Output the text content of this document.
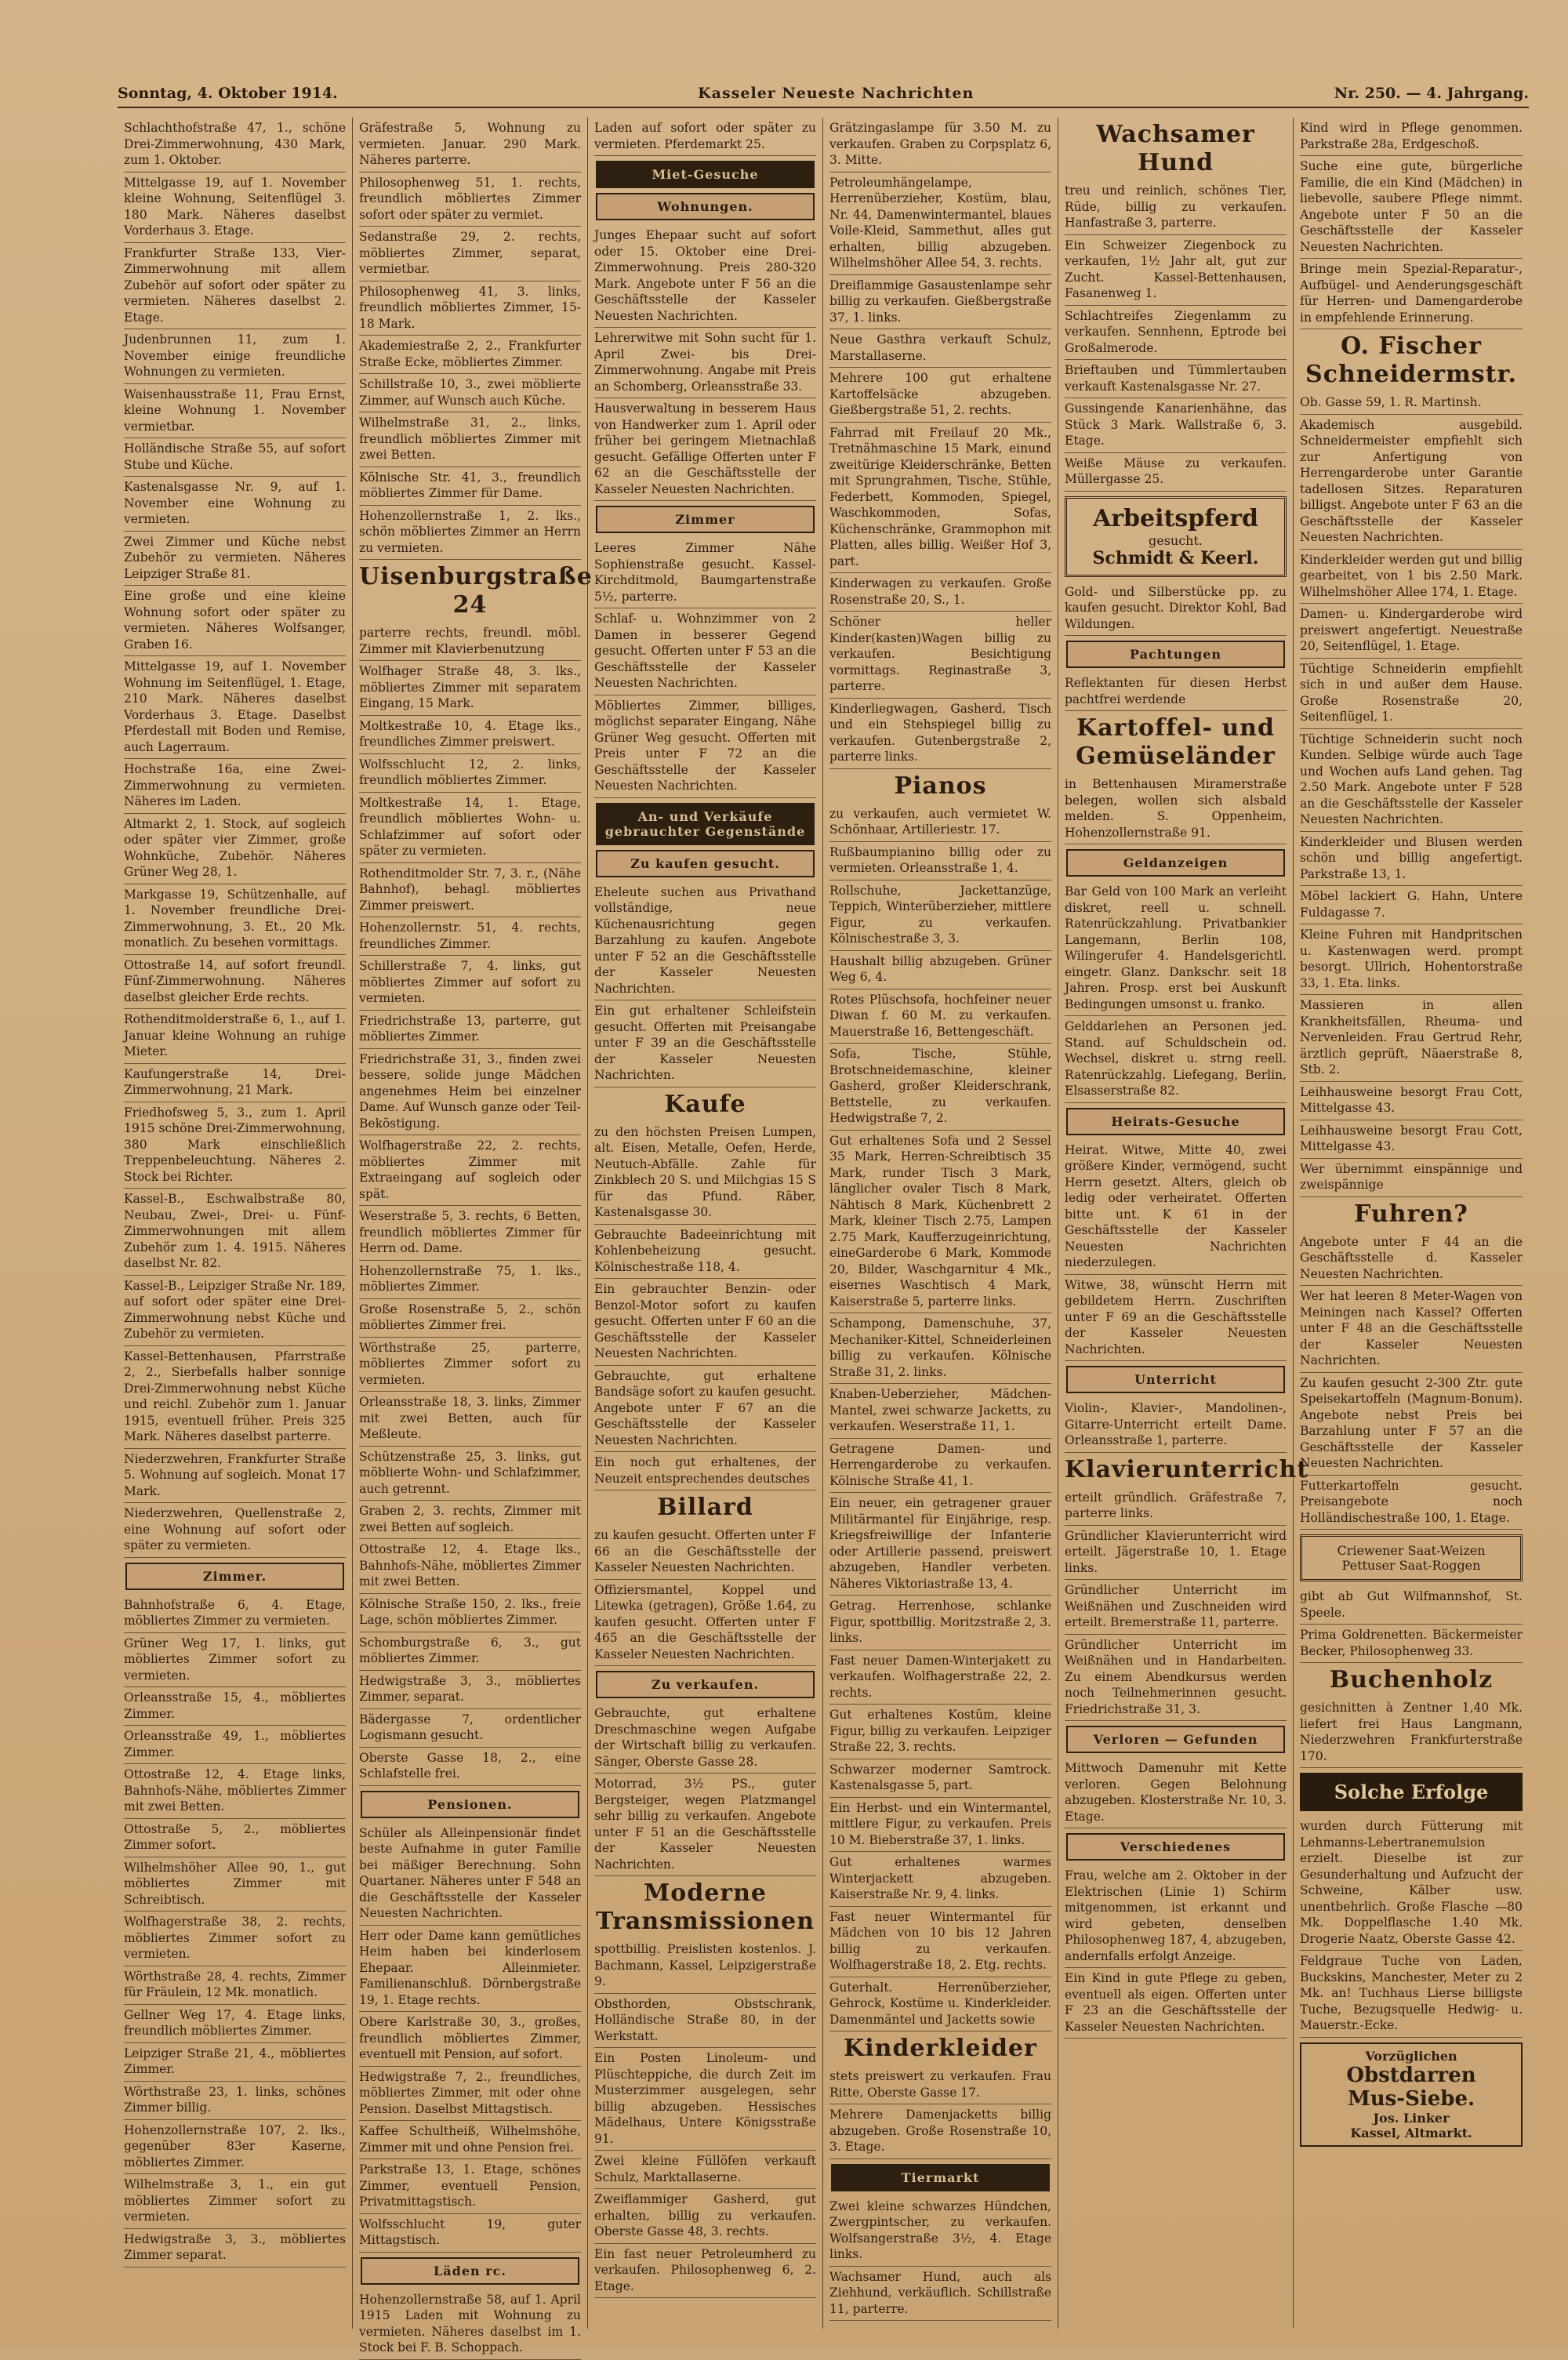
Sonntag, 4. Oktober 1914.	Kasseler Neueste Nachrichten	Nr. 250. — 4. Jahrgang.
Schlachthofstraße 47, 1., schöne Drei-Zimmerwohnung, 430 Mark, zum 1. Oktober.
Mittelgasse 19, auf 1. November kleine Wohnung, Seitenflügel 3. 180 Mark. Näheres daselbst Vorderhaus 3. Etage.
Frankfurter Straße 133, Vier-Zimmerwohnung mit allem Zubehör auf sofort oder später zu vermieten. Näheres daselbst 2. Etage.
Judenbrunnen 11, zum 1. November einige freundliche Wohnungen zu vermieten.
Waisenhausstraße 11, Frau Ernst, kleine Wohnung 1. November vermietbar.
Holländische Straße 55, auf sofort Stube und Küche.
Kastenalsgasse Nr. 9, auf 1. November eine Wohnung zu vermieten.
Zwei Zimmer und Küche nebst Zubehör zu vermieten. Näheres Leipziger Straße 81.
Eine große und eine kleine Wohnung sofort oder später zu vermieten. Näheres Wolfsanger, Graben 16.
Mittelgasse 19, auf 1. November Wohnung im Seitenflügel, 1. Etage, 210 Mark. Näheres daselbst Vorderhaus 3. Etage. Daselbst Pferdestall mit Boden und Remise, auch Lagerraum.
Hochstraße 16a, eine Zwei-Zimmerwohnung zu vermieten. Näheres im Laden.
Altmarkt 2, 1. Stock, auf sogleich oder später vier Zimmer, große Wohnküche, Zubehör. Näheres Grüner Weg 28, 1.
Markgasse 19, Schützenhalle, auf 1. November freundliche Drei-Zimmerwohnung, 3. Et., 20 Mk. monatlich. Zu besehen vormittags.
Ottostraße 14, auf sofort freundl. Fünf-Zimmerwohnung. Näheres daselbst gleicher Erde rechts.
Rothenditmolderstraße 6, 1., auf 1. Januar kleine Wohnung an ruhige Mieter.
Kaufungerstraße 14, Drei-Zimmerwohnung, 21 Mark.
Friedhofsweg 5, 3., zum 1. April 1915 schöne Drei-Zimmerwohnung, 380 Mark einschließlich Treppenbeleuchtung. Näheres 2. Stock bei Richter.
Kassel-B., Eschwalbstraße 80, Neubau, Zwei-, Drei- u. Fünf-Zimmerwohnungen mit allem Zubehör zum 1. 4. 1915. Näheres daselbst Nr. 82.
Kassel-B., Leipziger Straße Nr. 189, auf sofort oder später eine Drei-Zimmerwohnung nebst Küche und Zubehör zu vermieten.
Kassel-Bettenhausen, Pfarrstraße 2, 2., Sierbefalls halber sonnige Drei-Zimmerwohnung nebst Küche und reichl. Zubehör zum 1. Januar 1915, eventuell früher. Preis 325 Mark. Näheres daselbst parterre.
Niederzwehren, Frankfurter Straße 5. Wohnung auf sogleich. Monat 17 Mark.
Niederzwehren, Quellenstraße 2, eine Wohnung auf sofort oder später zu vermieten.
Zimmer.
Bahnhofstraße 6, 4. Etage, möbliertes Zimmer zu vermieten.
Grüner Weg 17, 1. links, gut möbliertes Zimmer sofort zu vermieten.
Orleansstraße 15, 4., möbliertes Zimmer.
Orleansstraße 49, 1., möbliertes Zimmer.
Ottostraße 12, 4. Etage links, Bahnhofs-Nähe, möbliertes Zimmer mit zwei Betten.
Ottostraße 5, 2., möbliertes Zimmer sofort.
Wilhelmshöher Allee 90, 1., gut möbliertes Zimmer mit Schreibtisch.
Wolfhagerstraße 38, 2. rechts, möbliertes Zimmer sofort zu vermieten.
Wörthstraße 28, 4. rechts, Zimmer für Fräulein, 12 Mk. monatlich.
Gellner Weg 17, 4. Etage links, freundlich möbliertes Zimmer.
Leipziger Straße 21, 4., möbliertes Zimmer.
Wörthstraße 23, 1. links, schönes Zimmer billig.
Hohenzollernstraße 107, 2. lks., gegenüber 83er Kaserne, möbliertes Zimmer.
Wilhelmstraße 3, 1., ein gut möbliertes Zimmer sofort zu vermieten.
Hedwigstraße 3, 3., möbliertes Zimmer separat.
Gräfestraße 5, Wohnung zu vermieten. Januar. 290 Mark. Näheres parterre.
Philosophenweg 51, 1. rechts, freundlich möbliertes Zimmer sofort oder später zu vermiet.
Sedanstraße 29, 2. rechts, möbliertes Zimmer, separat, vermietbar.
Philosophenweg 41, 3. links, freundlich möbliertes Zimmer, 15-18 Mark.
Akademiestraße 2, 2., Frankfurter Straße Ecke, möbliertes Zimmer.
Schillstraße 10, 3., zwei möblierte Zimmer, auf Wunsch auch Küche.
Wilhelmstraße 31, 2., links, freundlich möbliertes Zimmer mit zwei Betten.
Kölnische Str. 41, 3., freundlich möbliertes Zimmer für Dame.
Hohenzollernstraße 1, 2. lks., schön möbliertes Zimmer an Herrn zu vermieten.
Uisenburgstraße 24
parterre rechts, freundl. möbl. Zimmer mit Klavierbenutzung
Wolfhager Straße 48, 3. lks., möbliertes Zimmer mit separatem Eingang, 15 Mark.
Moltkestraße 10, 4. Etage lks., freundliches Zimmer preiswert.
Wolfsschlucht 12, 2. links, freundlich möbliertes Zimmer.
Moltkestraße 14, 1. Etage, freundlich möbliertes Wohn- u. Schlafzimmer auf sofort oder später zu vermieten.
Rothenditmolder Str. 7, 3. r., (Nähe Bahnhof), behagl. möbliertes Zimmer preiswert.
Hohenzollernstr. 51, 4. rechts, freundliches Zimmer.
Schillerstraße 7, 4. links, gut möbliertes Zimmer auf sofort zu vermieten.
Friedrichstraße 13, parterre, gut möbliertes Zimmer.
Friedrichstraße 31, 3., finden zwei bessere, solide junge Mädchen angenehmes Heim bei einzelner Dame. Auf Wunsch ganze oder Teil-Beköstigung.
Wolfhagerstraße 22, 2. rechts, möbliertes Zimmer mit Extraeingang auf sogleich oder spät.
Weserstraße 5, 3. rechts, 6 Betten, freundlich möbliertes Zimmer für Herrn od. Dame.
Hohenzollernstraße 75, 1. lks., möbliertes Zimmer.
Große Rosenstraße 5, 2., schön möbliertes Zimmer frei.
Wörthstraße 25, parterre, möbliertes Zimmer sofort zu vermieten.
Orleansstraße 18, 3. links, Zimmer mit zwei Betten, auch für Meßleute.
Schützenstraße 25, 3. links, gut möblierte Wohn- und Schlafzimmer, auch getrennt.
Graben 2, 3. rechts, Zimmer mit zwei Betten auf sogleich.
Ottostraße 12, 4. Etage lks., Bahnhofs-Nähe, möbliertes Zimmer mit zwei Betten.
Kölnische Straße 150, 2. lks., freie Lage, schön möbliertes Zimmer.
Schomburgstraße 6, 3., gut möbliertes Zimmer.
Hedwigstraße 3, 3., möbliertes Zimmer, separat.
Bädergasse 7, ordentlicher Logismann gesucht.
Oberste Gasse 18, 2., eine Schlafstelle frei.
Pensionen.
Schüler als Alleinpensionär findet beste Aufnahme in guter Familie bei mäßiger Berechnung. Sohn Quartaner. Näheres unter F 548 an die Geschäftsstelle der Kasseler Neuesten Nachrichten.
Herr oder Dame kann gemütliches Heim haben bei kinderlosem Ehepaar. Alleinmieter. Familienanschluß. Dörnbergstraße 19, 1. Etage rechts.
Obere Karlstraße 30, 3., großes, freundlich möbliertes Zimmer, eventuell mit Pension, auf sofort.
Hedwigstraße 7, 2., freundliches, möbliertes Zimmer, mit oder ohne Pension. Daselbst Mittagstisch.
Kaffee Schultheiß, Wilhelmshöhe, Zimmer mit und ohne Pension frei.
Parkstraße 13, 1. Etage, schönes Zimmer, eventuell Pension, Privatmittagstisch.
Wolfsschlucht 19, guter Mittagstisch.
Läden rc.
Hohenzollernstraße 58, auf 1. April 1915 Laden mit Wohnung zu vermieten. Näheres daselbst im 1. Stock bei F. B. Schoppach.
Laden auf sofort oder später zu vermieten. Pferdemarkt 25.
Miet-Gesuche
Wohnungen.
Junges Ehepaar sucht auf sofort oder 15. Oktober eine Drei-Zimmerwohnung. Preis 280-320 Mark. Angebote unter F 56 an die Geschäftsstelle der Kasseler Neuesten Nachrichten.
Lehrerwitwe mit Sohn sucht für 1. April Zwei- bis Drei-Zimmerwohnung. Angabe mit Preis an Schomberg, Orleansstraße 33.
Hausverwaltung in besserem Haus von Handwerker zum 1. April oder früher bei geringem Mietnachlaß gesucht. Gefällige Offerten unter F 62 an die Geschäftsstelle der Kasseler Neuesten Nachrichten.
Zimmer
Leeres Zimmer Nähe Sophienstraße gesucht. Kassel-Kirchditmold, Baumgartenstraße 5½, parterre.
Schlaf- u. Wohnzimmer von 2 Damen in besserer Gegend gesucht. Offerten unter F 53 an die Geschäftsstelle der Kasseler Neuesten Nachrichten.
Möbliertes Zimmer, billiges, möglichst separater Eingang, Nähe Grüner Weg gesucht. Offerten mit Preis unter F 72 an die Geschäftsstelle der Kasseler Neuesten Nachrichten.
An- und Verkäufe gebrauchter Gegenstände
Zu kaufen gesucht.
Eheleute suchen aus Privathand vollständige, neue Küchenausrichtung gegen Barzahlung zu kaufen. Angebote unter F 52 an die Geschäftsstelle der Kasseler Neuesten Nachrichten.
Ein gut erhaltener Schleifstein gesucht. Offerten mit Preisangabe unter F 39 an die Geschäftsstelle der Kasseler Neuesten Nachrichten.
Kaufe
zu den höchsten Preisen Lumpen, alt. Eisen, Metalle, Oefen, Herde, Neutuch-Abfälle. Zahle für Zinkblech 20 S. und Milchgias 15 S für das Pfund. Räber, Kastenalsgasse 30.
Gebrauchte Badeeinrichtung mit Kohlenbeheizung gesucht. Kölnischestraße 118, 4.
Ein gebrauchter Benzin- oder Benzol-Motor sofort zu kaufen gesucht. Offerten unter F 60 an die Geschäftsstelle der Kasseler Neuesten Nachrichten.
Gebrauchte, gut erhaltene Bandsäge sofort zu kaufen gesucht. Angebote unter F 67 an die Geschäftsstelle der Kasseler Neuesten Nachrichten.
Ein noch gut erhaltenes, der Neuzeit entsprechendes deutsches
Billard
zu kaufen gesucht. Offerten unter F 66 an die Geschäftsstelle der Kasseler Neuesten Nachrichten.
Offiziersmantel, Koppel und Litewka (getragen), Größe 1.64, zu kaufen gesucht. Offerten unter F 465 an die Geschäftsstelle der Kasseler Neuesten Nachrichten.
Zu verkaufen.
Gebrauchte, gut erhaltene Dreschmaschine wegen Aufgabe der Wirtschaft billig zu verkaufen. Sänger, Oberste Gasse 28.
Motorrad, 3½ PS., guter Bergsteiger, wegen Platzmangel sehr billig zu verkaufen. Angebote unter F 51 an die Geschäftsstelle der Kasseler Neuesten Nachrichten.
Moderne Transmissionen
spottbillig. Preislisten kostenlos. J. Bachmann, Kassel, Leipzigerstraße 9.
Obsthorden, Obstschrank, Holländische Straße 80, in der Werkstatt.
Ein Posten Linoleum- und Plüschteppiche, die durch Zeit im Musterzimmer ausgelegen, sehr billig abzugeben. Hessisches Mädelhaus, Untere Königsstraße 91.
Zwei kleine Füllöfen verkauft Schulz, Marktallaserne.
Zweiflammiger Gasherd, gut erhalten, billig zu verkaufen. Oberste Gasse 48, 3. rechts.
Ein fast neuer Petroleumherd zu verkaufen. Philosophenweg 6, 2. Etage.
Grätzingaslampe für 3.50 M. zu verkaufen. Graben zu Corpsplatz 6, 3. Mitte.
Petroleumhängelampe, Herrenüberzieher, Kostüm, blau, Nr. 44, Damenwintermantel, blaues Voile-Kleid, Sammethut, alles gut erhalten, billig abzugeben. Wilhelmshöher Allee 54, 3. rechts.
Dreiflammige Gasaustenlampe sehr billig zu verkaufen. Gießbergstraße 37, 1. links.
Neue Gasthra verkauft Schulz, Marstallaserne.
Mehrere 100 gut erhaltene Kartoffelsäcke abzugeben. Gießbergstraße 51, 2. rechts.
Fahrrad mit Freilauf 20 Mk., Tretnähmaschine 15 Mark, einund zweitürige Kleiderschränke, Betten mit Sprungrahmen, Tische, Stühle, Federbett, Kommoden, Spiegel, Waschkommoden, Sofas, Küchenschränke, Grammophon mit Platten, alles billig. Weißer Hof 3, part.
Kinderwagen zu verkaufen. Große Rosenstraße 20, S., 1.
Schöner heller Kinder(kasten)Wagen billig zu verkaufen. Besichtigung vormittags. Reginastraße 3, parterre.
Kinderliegwagen, Gasherd, Tisch und ein Stehspiegel billig zu verkaufen. Gutenbergstraße 2, parterre links.
Pianos
zu verkaufen, auch vermietet W. Schönhaar, Artilleriestr. 17.
Rußbaumpianino billig oder zu vermieten. Orleansstraße 1, 4.
Rollschuhe, Jackettanzüge, Teppich, Winterüberzieher, mittlere Figur, zu verkaufen. Kölnischestraße 3, 3.
Haushalt billig abzugeben. Grüner Weg 6, 4.
Rotes Plüschsofa, hochfeiner neuer Diwan f. 60 M. zu verkaufen. Mauerstraße 16, Bettengeschäft.
Sofa, Tische, Stühle, Brotschneidemaschine, kleiner Gasherd, großer Kleiderschrank, Bettstelle, zu verkaufen. Hedwigstraße 7, 2.
Gut erhaltenes Sofa und 2 Sessel 35 Mark, Herren-Schreibtisch 35 Mark, runder Tisch 3 Mark, länglicher ovaler Tisch 8 Mark, Nähtisch 8 Mark, Küchenbrett 2 Mark, kleiner Tisch 2.75, Lampen 2.75 Mark, Kaufferzugeinrichtung, eineGarderobe 6 Mark, Kommode 20, Bilder, Waschgarnitur 4 Mk., eisernes Waschtisch 4 Mark, Kaiserstraße 5, parterre links.
Schampong, Damenschuhe, 37, Mechaniker-Kittel, Schneiderleinen billig zu verkaufen. Kölnische Straße 31, 2. links.
Knaben-Ueberzieher, Mädchen-Mantel, zwei schwarze Jacketts, zu verkaufen. Weserstraße 11, 1.
Getragene Damen- und Herrengarderobe zu verkaufen. Kölnische Straße 41, 1.
Ein neuer, ein getragener grauer Militärmantel für Einjährige, resp. Kriegsfreiwillige der Infanterie oder Artillerie passend, preiswert abzugeben, Handler verbeten. Näheres Viktoriastraße 13, 4.
Getrag. Herrenhose, schlanke Figur, spottbillig. Moritzstraße 2, 3. links.
Fast neuer Damen-Winterjakett zu verkaufen. Wolfhagerstraße 22, 2. rechts.
Gut erhaltenes Kostüm, kleine Figur, billig zu verkaufen. Leipziger Straße 22, 3. rechts.
Schwarzer moderner Samtrock. Kastenalsgasse 5, part.
Ein Herbst- und ein Wintermantel, mittlere Figur, zu verkaufen. Preis 10 M. Bieberstraße 37, 1. links.
Gut erhaltenes warmes Winterjackett abzugeben. Kaiserstraße Nr. 9, 4. links.
Fast neuer Wintermantel für Mädchen von 10 bis 12 Jahren billig zu verkaufen. Wolfhagerstraße 18, 2. Etg. rechts.
Guterhalt. Herrenüberzieher, Gehrock, Kostüme u. Kinderkleider. Damenmäntel und Jacketts sowie
Kinderkleider
stets preiswert zu verkaufen. Frau Ritte, Oberste Gasse 17.
Mehrere Damenjacketts billig abzugeben. Große Rosenstraße 10, 3. Etage.
Tiermarkt
Zwei kleine schwarzes Hündchen, Zwergpintscher, zu verkaufen. Wolfsangerstraße 3½, 4. Etage links.
Wachsamer Hund, auch als Ziehhund, verkäuflich. Schillstraße 11, parterre.
Wachsamer Hund
treu und reinlich, schönes Tier, Rüde, billig zu verkaufen. Hanfastraße 3, parterre.
Ein Schweizer Ziegenbock zu verkaufen, 1½ Jahr alt, gut zur Zucht. Kassel-Bettenhausen, Fasanenweg 1.
Schlachtreifes Ziegenlamm zu verkaufen. Sennhenn, Eptrode bei Großalmerode.
Brieftauben und Tümmlertauben verkauft Kastenalsgasse Nr. 27.
Gussingende Kanarienhähne, das Stück 3 Mark. Wallstraße 6, 3. Etage.
Weiße Mäuse zu verkaufen. Müllergasse 25.
Arbeitspferd
gesucht.
Schmidt & Keerl.
Gold- und Silberstücke pp. zu kaufen gesucht. Direktor Kohl, Bad Wildungen.
Pachtungen
Reflektanten für diesen Herbst pachtfrei werdende
Kartoffel- und Gemüseländer
in Bettenhausen Miramerstraße belegen, wollen sich alsbald melden. S. Oppenheim, Hohenzollernstraße 91.
Geldanzeigen
Bar Geld von 100 Mark an verleiht diskret, reell u. schnell. Ratenrückzahlung. Privatbankier Langemann, Berlin 108, Wilingerufer 4. Handelsgerichtl. eingetr. Glanz. Dankschr. seit 18 Jahren. Prosp. erst bei Auskunft Bedingungen umsonst u. franko.
Gelddarlehen an Personen jed. Stand. auf Schuldschein od. Wechsel, diskret u. strng reell. Ratenrückzahlg. Liefegang, Berlin, Elsasserstraße 82.
Heirats-Gesuche
Heirat. Witwe, Mitte 40, zwei größere Kinder, vermögend, sucht Herrn gesetzt. Alters, gleich ob ledig oder verheiratet. Offerten bitte unt. K 61 in der Geschäftsstelle der Kasseler Neuesten Nachrichten niederzulegen.
Witwe, 38, wünscht Herrn mit gebildetem Herrn. Zuschriften unter F 69 an die Geschäftsstelle der Kasseler Neuesten Nachrichten.
Unterricht
Violin-, Klavier-, Mandolinen-, Gitarre-Unterricht erteilt Dame. Orleansstraße 1, parterre.
Klavierunterricht
erteilt gründlich. Gräfestraße 7, parterre links.
Gründlicher Klavierunterricht wird erteilt. Jägerstraße 10, 1. Etage links.
Gründlicher Unterricht im Weißnähen und Zuschneiden wird erteilt. Bremerstraße 11, parterre.
Gründlicher Unterricht im Weißnähen und in Handarbeiten. Zu einem Abendkursus werden noch Teilnehmerinnen gesucht. Friedrichstraße 31, 3.
Verloren — Gefunden
Mittwoch Damenuhr mit Kette verloren. Gegen Belohnung abzugeben. Klosterstraße Nr. 10, 3. Etage.
Verschiedenes
Frau, welche am 2. Oktober in der Elektrischen (Linie 1) Schirm mitgenommen, ist erkannt und wird gebeten, denselben Philosophenweg 187, 4, abzugeben, andernfalls erfolgt Anzeige.
Ein Kind in gute Pflege zu geben, eventuell als eigen. Offerten unter F 23 an die Geschäftsstelle der Kasseler Neuesten Nachrichten.
Kind wird in Pflege genommen. Parkstraße 28a, Erdgeschoß.
Suche eine gute, bürgerliche Familie, die ein Kind (Mädchen) in liebevolle, saubere Pflege nimmt. Angebote unter F 50 an die Geschäftsstelle der Kasseler Neuesten Nachrichten.
Bringe mein Spezial-Reparatur-, Aufbügel- und Aenderungsgeschäft für Herren- und Damengarderobe in empfehlende Erinnerung.
O. Fischer Schneidermstr.
Ob. Gasse 59, 1. R. Martinsh.
Akademisch ausgebild. Schneidermeister empfiehlt sich zur Anfertigung von Herrengarderobe unter Garantie tadellosen Sitzes. Reparaturen billigst. Angebote unter F 63 an die Geschäftsstelle der Kasseler Neuesten Nachrichten.
Kinderkleider werden gut und billig gearbeitet, von 1 bis 2.50 Mark. Wilhelmshöher Allee 174, 1. Etage.
Damen- u. Kindergarderobe wird preiswert angefertigt. Neuestraße 20, Seitenflügel, 1. Etage.
Tüchtige Schneiderin empfiehlt sich in und außer dem Hause. Große Rosenstraße 20, Seitenflügel, 1.
Tüchtige Schneiderin sucht noch Kunden. Selbige würde auch Tage und Wochen aufs Land gehen. Tag 2.50 Mark. Angebote unter F 528 an die Geschäftsstelle der Kasseler Neuesten Nachrichten.
Kinderkleider und Blusen werden schön und billig angefertigt. Parkstraße 13, 1.
Möbel lackiert G. Hahn, Untere Fuldagasse 7.
Kleine Fuhren mit Handpritschen u. Kastenwagen werd. prompt besorgt. Ullrich, Hohentorstraße 33, 1. Eta. links.
Massieren in allen Krankheitsfällen, Rheuma- und Nervenleiden. Frau Gertrud Rehr, ärztlich geprüft, Näaerstraße 8, Stb. 2.
Leihhausweine besorgt Frau Cott, Mittelgasse 43.
Leihhausweine besorgt Frau Cott, Mittelgasse 43.
Wer übernimmt einspännige und zweispännige
Fuhren?
Angebote unter F 44 an die Geschäftsstelle d. Kasseler Neuesten Nachrichten.
Wer hat leeren 8 Meter-Wagen von Meiningen nach Kassel? Offerten unter F 48 an die Geschäftsstelle der Kasseler Neuesten Nachrichten.
Zu kaufen gesucht 2-300 Ztr. gute Speisekartoffeln (Magnum-Bonum). Angebote nebst Preis bei Barzahlung unter F 57 an die Geschäftsstelle der Kasseler Neuesten Nachrichten.
Futterkartoffeln gesucht. Preisangebote noch Holländischestraße 100, 1. Etage.
Criewener Saat-Weizen Pettuser Saat-Roggen
gibt ab Gut Wilfmannshof, St. Speele.
Prima Goldrenetten. Bäckermeister Becker, Philosophenweg 33.
Buchenholz
gesichnitten à Zentner 1,40 Mk. liefert frei Haus Langmann, Niederzwehren Frankfurterstraße 170.
Solche Erfolge
wurden durch Fütterung mit Lehmanns-Lebertranemulsion erzielt. Dieselbe ist zur Gesunderhaltung und Aufzucht der Schweine, Kälber usw. unentbehrlich. Große Flasche —80 Mk. Doppelflasche 1.40 Mk. Drogerie Naatz, Oberste Gasse 42.
Feldgraue Tuche von Laden, Buckskins, Manchester, Meter zu 2 Mk. an! Tuchhaus Lierse billigste Tuche, Bezugsquelle Hedwig- u. Mauerstr.-Ecke.
Vorzüglichen
Obstdarren
Mus-Siebe.
Jos. Linker
Kassel, Altmarkt.
